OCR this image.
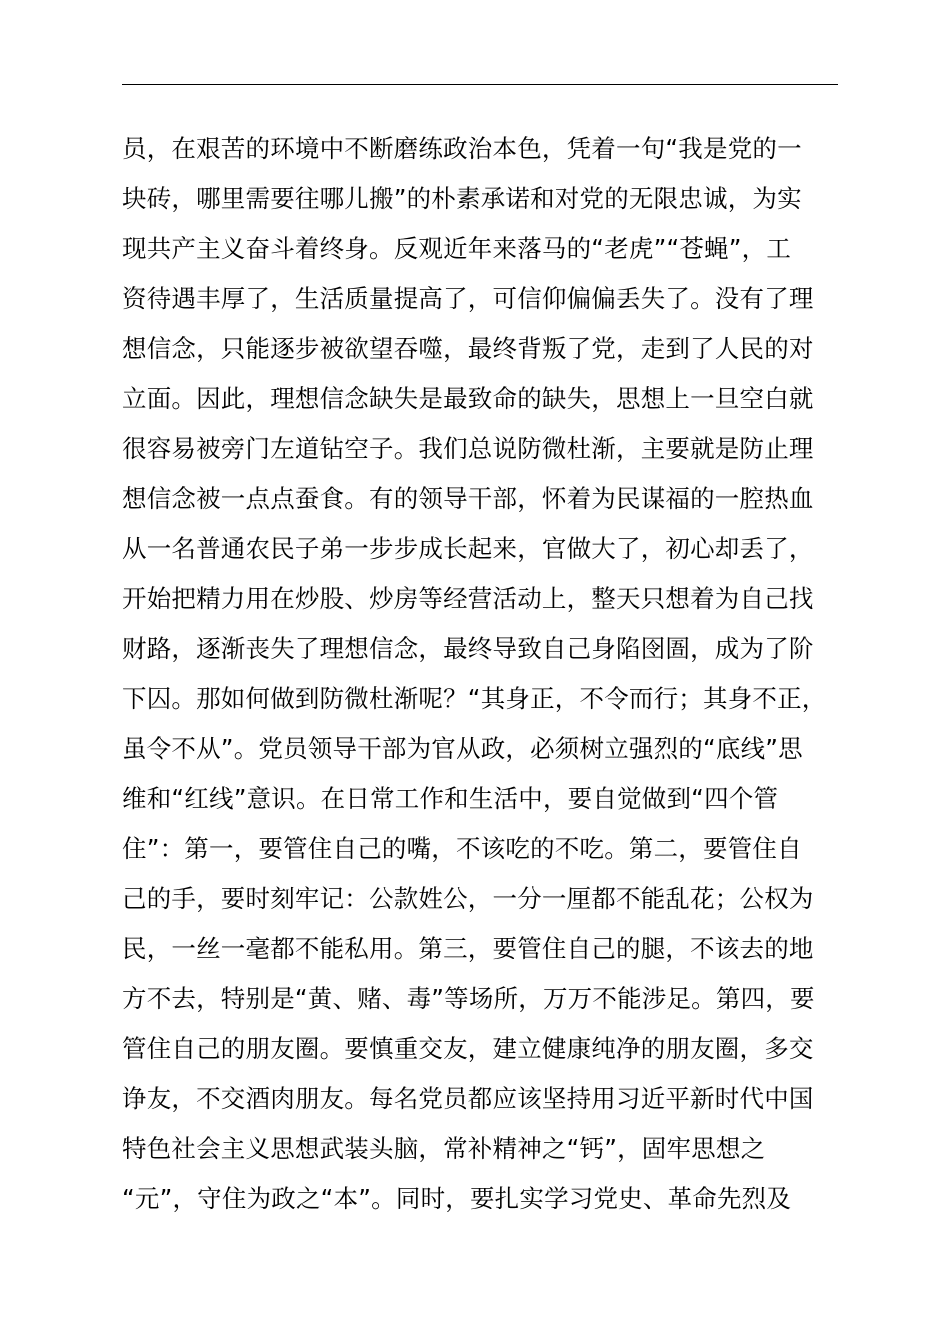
员，在艰苦的环境中不断磨练政治本色，凭着一句“我是党的一
块砖，哪里需要往哪儿搬”的朴素承诺和对党的无限忠诚，为实
现共产主义奋斗着终身。反观近年来落马的“老虎”“苍蝇”，工
资待遇丰厚了，生活质量提高了，可信仰偏偏丢失了。没有了理
想信念，只能逐步被欲望吞噬，最终背叛了党，走到了人民的对
立面。因此，理想信念缺失是最致命的缺失，思想上一旦空白就
很容易被旁门左道钻空子。我们总说防微杜渐，主要就是防止理
想信念被一点点蚕食。有的领导干部，怀着为民谋福的一腔热血
从一名普通农民子弟一步步成长起来，官做大了，初心却丢了，
开始把精力用在炒股、炒房等经营活动上，整天只想着为自己找
财路，逐渐丧失了理想信念，最终导致自己身陷囹圄，成为了阶
下囚。那如何做到防微杜渐呢？“其身正，不令而行；其身不正，
虽令不从”。党员领导干部为官从政，必须树立强烈的“底线”思
维和“红线”意识。在日常工作和生活中，要自觉做到“四个管
住”：第一，要管住自己的嘴，不该吃的不吃。第二，要管住自
己的手，要时刻牢记：公款姓公，一分一厘都不能乱花；公权为
民，一丝一毫都不能私用。第三，要管住自己的腿，不该去的地
方不去，特别是“黄、赌、毒”等场所，万万不能涉足。第四，要
管住自己的朋友圈。要慎重交友，建立健康纯净的朋友圈，多交
诤友，不交酒肉朋友。每名党员都应该坚持用习近平新时代中国
特色社会主义思想武装头脑，常补精神之“钙”，固牢思想之
“元”，守住为政之“本”。同时，要扎实学习党史、革命先烈及
